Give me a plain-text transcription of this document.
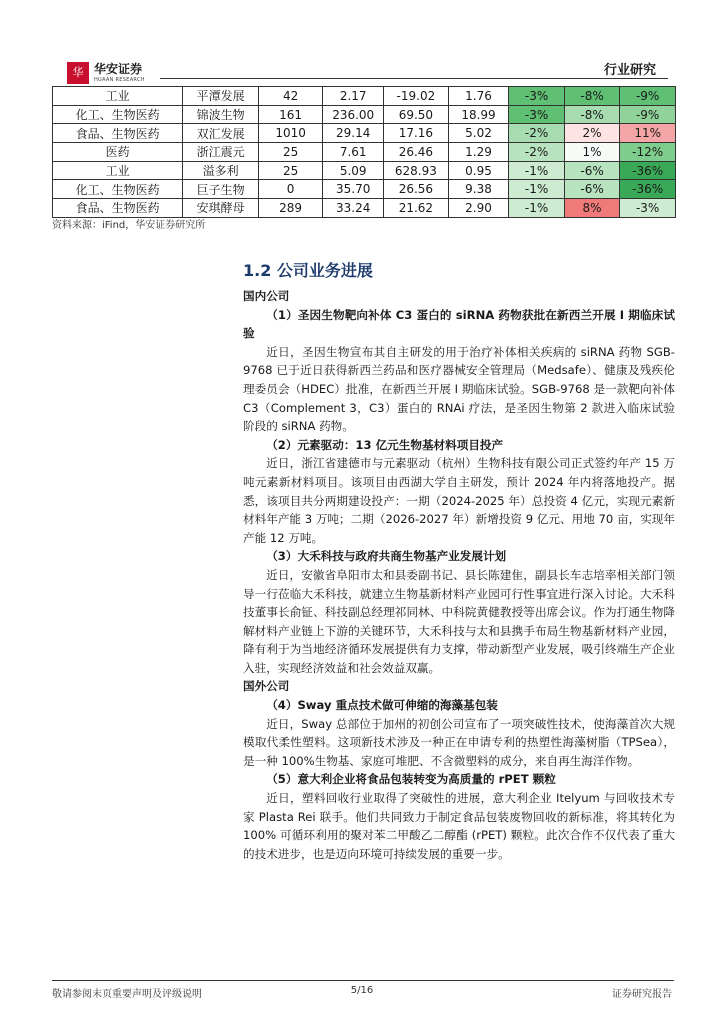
华 华安证券
HUAAN RESEARCH
行业研究
工业	平潭发展	42	2.17	-19.02	1.76	-3%	-8%	-9%
化工、生物医药	锦波生物	161	236.00	69.50	18.99	-3%	-8%	-9%
食品、生物医药	双汇发展	1010	29.14	17.16	5.02	-2%	2%	11%
医药	浙江震元	25	7.61	26.46	1.29	-2%	1%	-12%
工业	溢多利	25	5.09	628.93	0.95	-1%	-6%	-36%
化工、生物医药	巨子生物	0	35.70	26.56	9.38	-1%	-6%	-36%
食品、生物医药	安琪酵母	289	33.24	21.62	2.90	-1%	8%	-3%
资料来源：iFind，华安证券研究所
1.2 公司业务进展

国内公司

（1）圣因生物靶向补体 C3 蛋白的 siRNA 药物获批在新西兰开展 I 期临床试验

近日，圣因生物宣布其自主研发的用于治疗补体相关疾病的 siRNA 药物 SGB-9768 已于近日获得新西兰药品和医疗器械安全管理局（Medsafe）、健康及残疾伦理委员会（HDEC）批准，在新西兰开展 I 期临床试验。SGB-9768 是一款靶向补体 C3（Complement 3，C3）蛋白的 RNAi 疗法，是圣因生物第 2 款进入临床试验阶段的 siRNA 药物。

（2）元素驱动：13 亿元生物基材料项目投产

近日，浙江省建德市与元素驱动（杭州）生物科技有限公司正式签约年产 15 万吨元素新材料项目。该项目由西湖大学自主研发，预计 2024 年内将落地投产。据悉，该项目共分两期建设投产：一期（2024-2025 年）总投资 4 亿元，实现元素新材料年产能 3 万吨；二期（2026-2027 年）新增投资 9 亿元、用地 70 亩，实现年产能 12 万吨。

（3）大禾科技与政府共商生物基产业发展计划

近日，安徽省阜阳市太和县委副书记、县长陈建隹，副县长车志培率相关部门领导一行莅临大禾科技，就建立生物基新材料产业园可行性事宜进行深入讨论。大禾科技董事长俞钲、科技副总经理祁同林、中科院黄健教授等出席会议。作为打通生物降解材料产业链上下游的关键环节，大禾科技与太和县携手布局生物基新材料产业园，降有利于为当地经济循环发展提供有力支撑，带动新型产业发展，吸引终端生产企业入驻，实现经济效益和社会效益双赢。

国外公司

（4）Sway 重点技术做可伸缩的海藻基包装

近日，Sway 总部位于加州的初创公司宣布了一项突破性技术，使海藻首次大规模取代柔性塑料。这项新技术涉及一种正在申请专利的热塑性海藻树脂（TPSea），是一种 100%生物基、家庭可堆肥、不含微塑料的成分，来自再生海洋作物。

（5）意大利企业将食品包装转变为高质量的 rPET 颗粒

近日，塑料回收行业取得了突破性的进展，意大利企业 Itelyum 与回收技术专家 Plasta Rei 联手。他们共同致力于制定食品包装废物回收的新标准，将其转化为 100% 可循环利用的聚对苯二甲酸乙二醇酯 (rPET) 颗粒。此次合作不仅代表了重大的技术进步，也是迈向环境可持续发展的重要一步。

敬请参阅末页重要声明及评级说明	5/16	证券研究报告
